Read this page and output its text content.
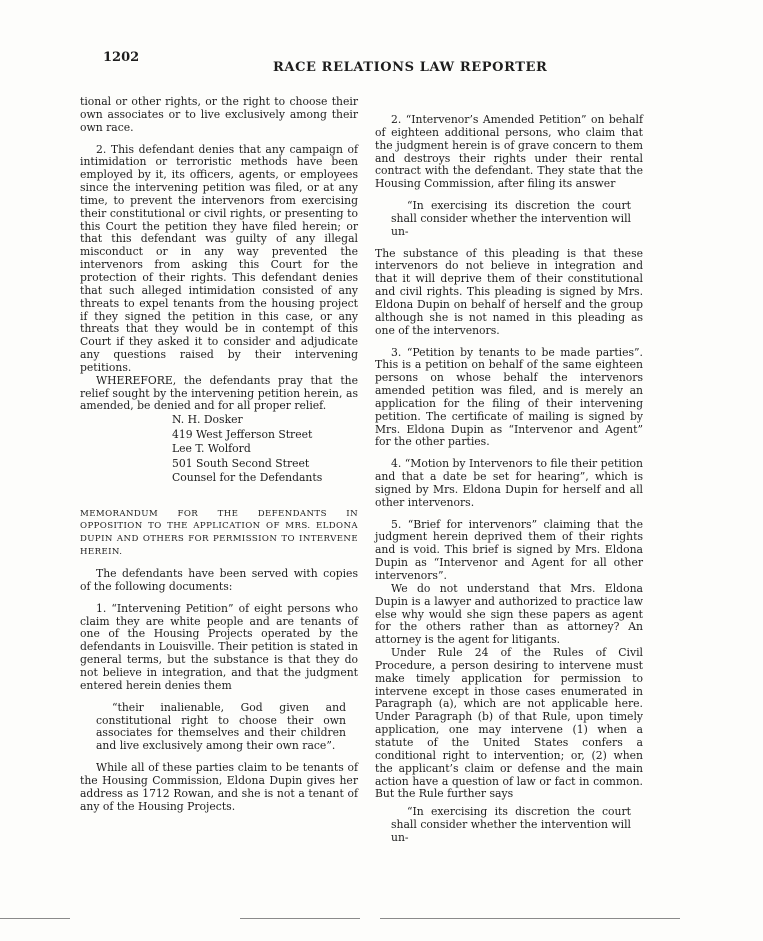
1202
RACE RELATIONS LAW REPORTER

tional or other rights, or the right to choose their own associates or to live exclusively among their own race.

2. This defendant denies that any campaign of intimidation or terroristic methods have been employed by it, its officers, agents, or employees since the intervening petition was filed, or at any time, to prevent the intervenors from exercising their constitutional or civil rights, or presenting to this Court the petition they have filed herein; or that this defendant was guilty of any illegal misconduct or in any way prevented the intervenors from asking this Court for the protection of their rights. This defendant denies that such alleged intimidation consisted of any threats to expel tenants from the housing project if they signed the petition in this case, or any threats that they would be in contempt of this Court if they asked it to consider and adjudicate any questions raised by their intervening petitions.

WHEREFORE, the defendants pray that the relief sought by the intervening petition herein, as amended, be denied and for all proper relief.

N. H. Dosker
419 West Jefferson Street
Lee T. Wolford
501 South Second Street
Counsel for the Defendants

MEMORANDUM FOR THE DEFENDANTS IN OPPOSITION TO THE APPLICATION OF MRS. ELDONA DUPIN AND OTHERS FOR PERMISSION TO INTERVENE HEREIN.

The defendants have been served with copies of the following documents:

1. “Intervening Petition” of eight persons who claim they are white people and are tenants of one of the Housing Projects operated by the defendants in Louisville. Their petition is stated in general terms, but the substance is that they do not believe in integration, and that the judgment entered herein denies them

“their inalienable, God given and constitutional right to choose their own associates for themselves and their children and live exclusively among their own race”.

While all of these parties claim to be tenants of the Housing Commission, Eldona Dupin gives her address as 1712 Rowan, and she is not a tenant of any of the Housing Projects.

2. “Intervenor’s Amended Petition” on behalf of eighteen additional persons, who claim that the judgment herein is of grave concern to them and destroys their rights under their rental contract with the defendant. They state that the Housing Commission, after filing its answer

“In exercising its discretion the court shall consider whether the intervention will un-

The substance of this pleading is that these intervenors do not believe in integration and that it will deprive them of their constitutional and civil rights. This pleading is signed by Mrs. Eldona Dupin on behalf of herself and the group although she is not named in this pleading as one of the intervenors.

3. “Petition by tenants to be made parties”. This is a petition on behalf of the same eighteen persons on whose behalf the intervenors amended petition was filed, and is merely an application for the filing of their intervening petition. The certificate of mailing is signed by Mrs. Eldona Dupin as “Intervenor and Agent” for the other parties.

4. “Motion by Intervenors to file their petition and that a date be set for hearing”, which is signed by Mrs. Eldona Dupin for herself and all other intervenors.

5. “Brief for intervenors” claiming that the judgment herein deprived them of their rights and is void. This brief is signed by Mrs. Eldona Dupin as “Intervenor and Agent for all other intervenors”.

We do not understand that Mrs. Eldona Dupin is a lawyer and authorized to practice law else why would she sign these papers as agent for the others rather than as attorney? An attorney is the agent for litigants.

Under Rule 24 of the Rules of Civil Procedure, a person desiring to intervene must make timely application for permission to intervene except in those cases enumerated in Paragraph (a), which are not applicable here. Under Paragraph (b) of that Rule, upon timely application, one may intervene (1) when a statute of the United States confers a conditional right to intervention; or, (2) when the applicant’s claim or defense and the main action have a question of law or fact in common. But the Rule further says

“In exercising its discretion the court shall consider whether the intervention will un-
